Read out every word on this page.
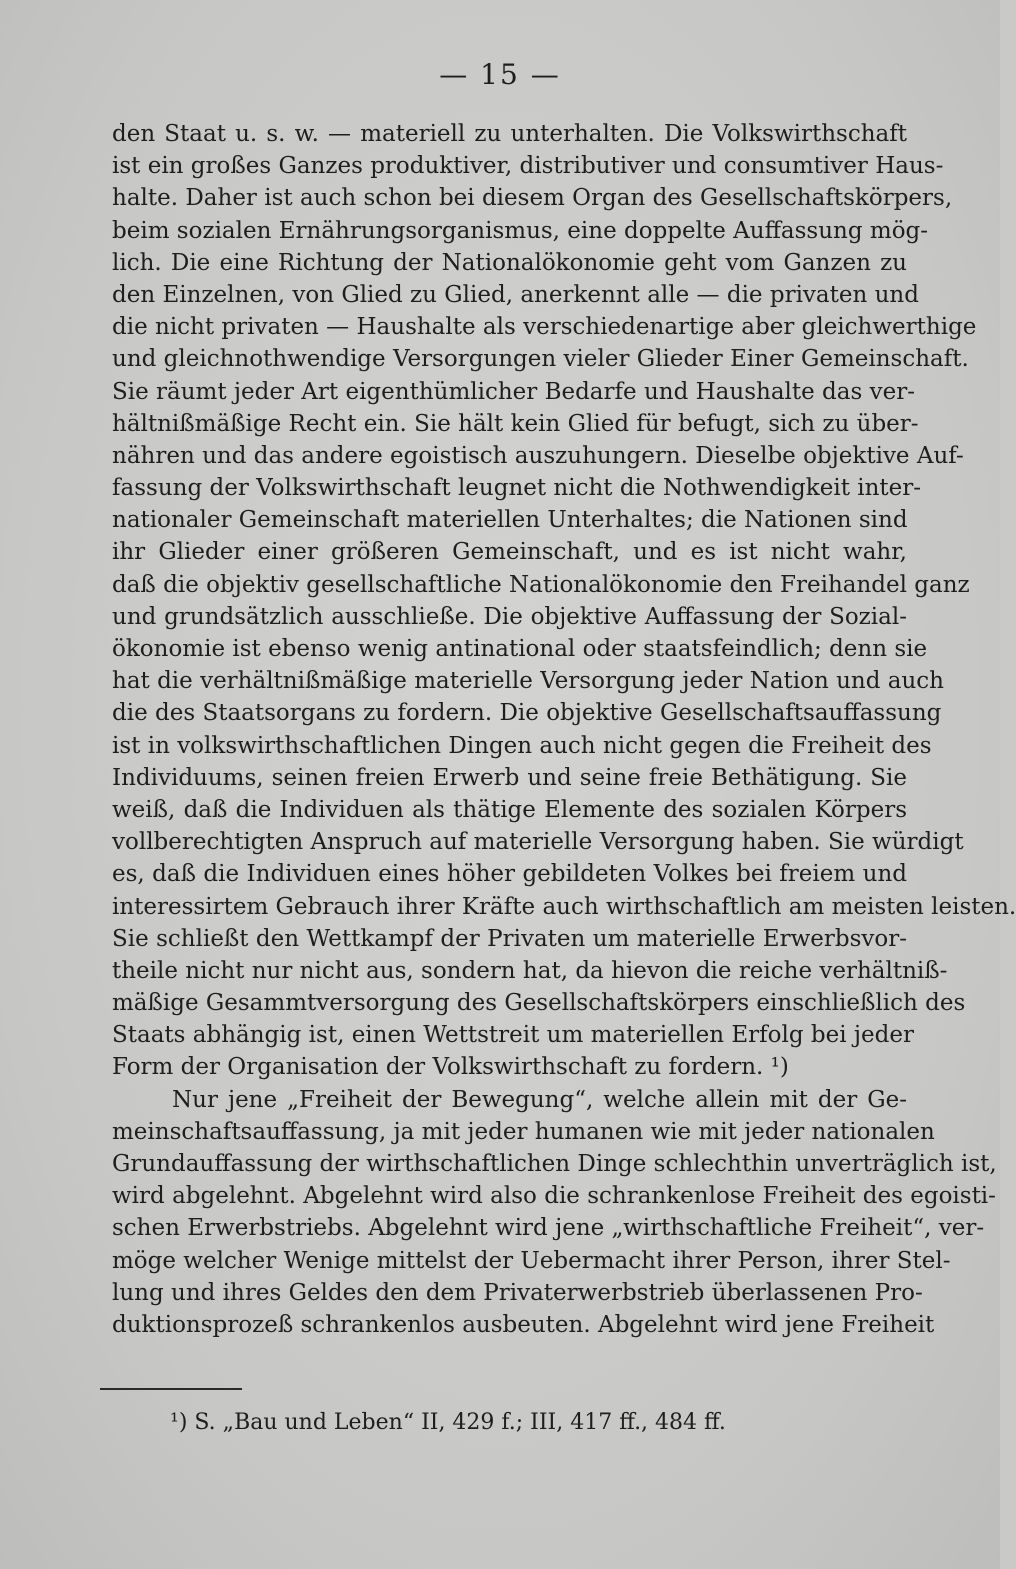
— 15 —
den Staat u. s. w. — materiell zu unterhalten. Die Volkswirthschaft
ist ein großes Ganzes produktiver, distributiver und consumtiver Haus-
halte. Daher ist auch schon bei diesem Organ des Gesellschaftskörpers,
beim sozialen Ernährungsorganismus, eine doppelte Auffassung mög-
lich. Die eine Richtung der Nationalökonomie geht vom Ganzen zu
den Einzelnen, von Glied zu Glied, anerkennt alle — die privaten und
die nicht privaten — Haushalte als verschiedenartige aber gleichwerthige
und gleichnothwendige Versorgungen vieler Glieder Einer Gemeinschaft.
Sie räumt jeder Art eigenthümlicher Bedarfe und Haushalte das ver-
hältnißmäßige Recht ein. Sie hält kein Glied für befugt, sich zu über-
nähren und das andere egoistisch auszuhungern. Dieselbe objektive Auf-
fassung der Volkswirthschaft leugnet nicht die Nothwendigkeit inter-
nationaler Gemeinschaft materiellen Unterhaltes; die Nationen sind
ihr Glieder einer größeren Gemeinschaft, und es ist nicht wahr,
daß die objektiv gesellschaftliche Nationalökonomie den Freihandel ganz
und grundsätzlich ausschließe. Die objektive Auffassung der Sozial-
ökonomie ist ebenso wenig antinational oder staatsfeindlich; denn sie
hat die verhältnißmäßige materielle Versorgung jeder Nation und auch
die des Staatsorgans zu fordern. Die objektive Gesellschaftsauffassung
ist in volkswirthschaftlichen Dingen auch nicht gegen die Freiheit des
Individuums, seinen freien Erwerb und seine freie Bethätigung. Sie
weiß, daß die Individuen als thätige Elemente des sozialen Körpers
vollberechtigten Anspruch auf materielle Versorgung haben. Sie würdigt
es, daß die Individuen eines höher gebildeten Volkes bei freiem und
interessirtem Gebrauch ihrer Kräfte auch wirthschaftlich am meisten leisten.
Sie schließt den Wettkampf der Privaten um materielle Erwerbsvor-
theile nicht nur nicht aus, sondern hat, da hievon die reiche verhältniß-
mäßige Gesammtversorgung des Gesellschaftskörpers einschließlich des
Staats abhängig ist, einen Wettstreit um materiellen Erfolg bei jeder
Form der Organisation der Volkswirthschaft zu fordern. ¹)
Nur jene „Freiheit der Bewegung“, welche allein mit der Ge-
meinschaftsauffassung, ja mit jeder humanen wie mit jeder nationalen
Grundauffassung der wirthschaftlichen Dinge schlechthin unverträglich ist,
wird abgelehnt. Abgelehnt wird also die schrankenlose Freiheit des egoisti-
schen Erwerbstriebs. Abgelehnt wird jene „wirthschaftliche Freiheit“, ver-
möge welcher Wenige mittelst der Uebermacht ihrer Person, ihrer Stel-
lung und ihres Geldes den dem Privaterwerbstrieb überlassenen Pro-
duktionsprozeß schrankenlos ausbeuten. Abgelehnt wird jene Freiheit
¹) S. „Bau und Leben“ II, 429 f.; III, 417 ff., 484 ff.
